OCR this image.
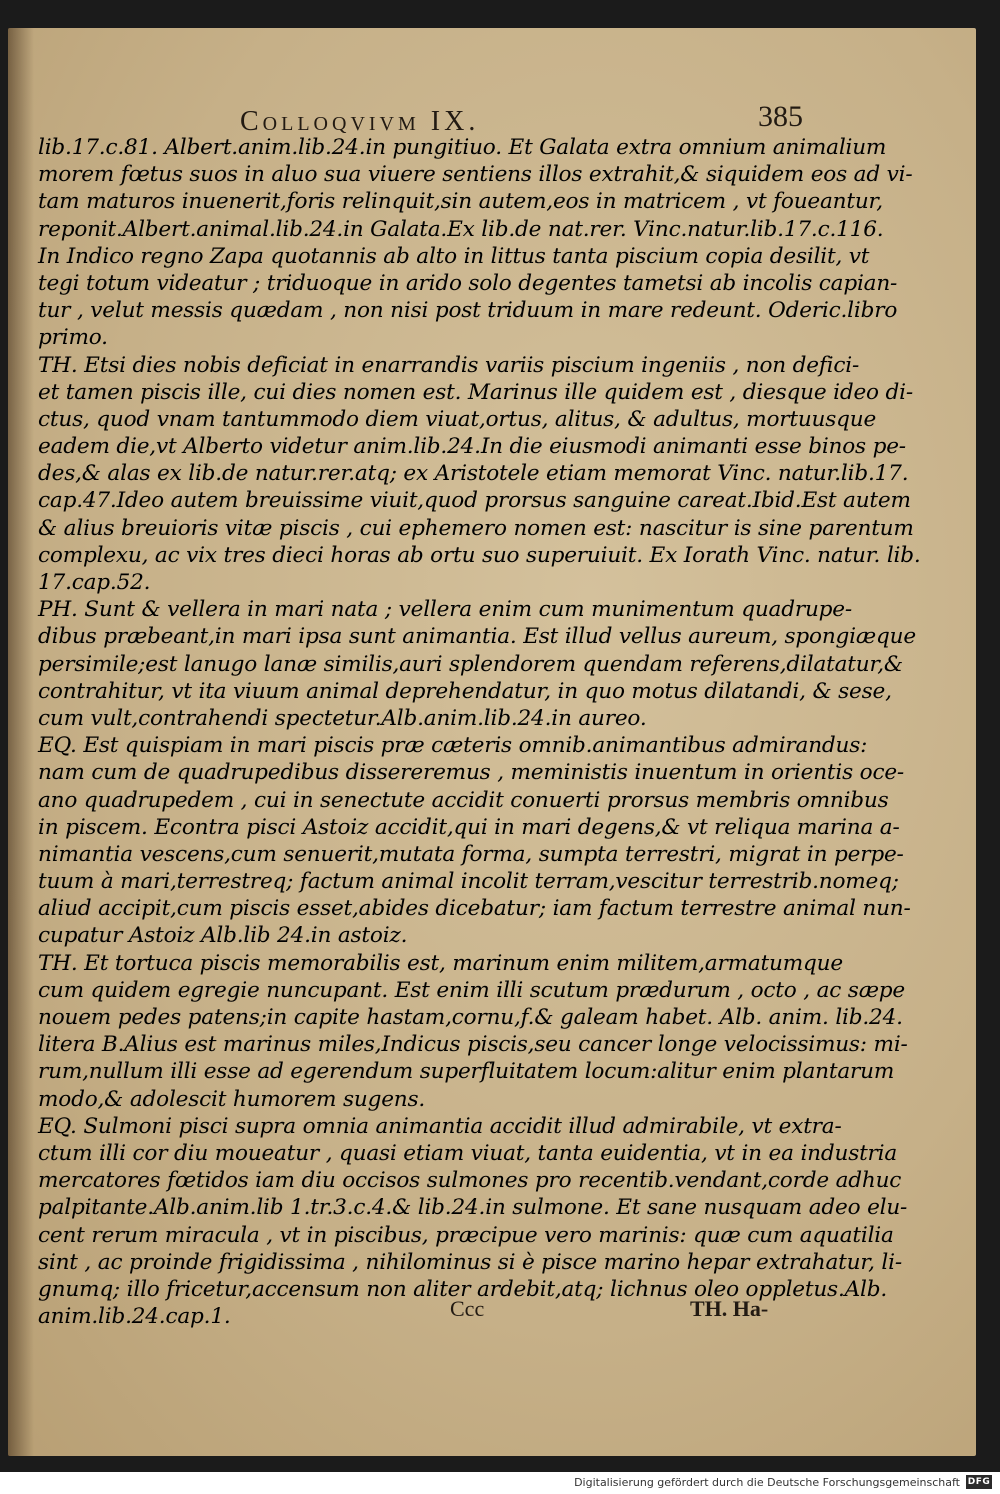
Colloqvivm IX.	385
lib.17.c.81. Albert.anim.lib.24.in pungitiuo. Et Galata extra omnium animalium
morem fœtus suos in aluo sua viuere sentiens illos extrahit,& siquidem eos ad vi-
tam maturos inuenerit,foris relinquit,sin autem,eos in matricem , vt foueantur,
reponit.Albert.animal.lib.24.in Galata.Ex lib.de nat.rer. Vinc.natur.lib.17.c.116.
In Indico regno Zapa quotannis ab alto in littus tanta piscium copia desilit, vt
tegi totum videatur ; triduoque in arido solo degentes tametsi ab incolis capian-
tur , velut messis quædam , non nisi post triduum in mare redeunt. Oderic.libro
primo.
TH. Etsi dies nobis deficiat in enarrandis variis piscium ingeniis , non defici-
et tamen piscis ille, cui dies nomen est. Marinus ille quidem est , diesque ideo di-
ctus, quod vnam tantummodo diem viuat,ortus, alitus, & adultus, mortuusque
eadem die,vt Alberto videtur anim.lib.24.In die eiusmodi animanti esse binos pe-
des,& alas ex lib.de natur.rer.atq; ex Aristotele etiam memorat Vinc. natur.lib.17.
cap.47.Ideo autem breuissime viuit,quod prorsus sanguine careat.Ibid.Est autem
& alius breuioris vitæ piscis , cui ephemero nomen est: nascitur is sine parentum
complexu, ac vix tres dieci horas ab ortu suo superuiuit. Ex Iorath Vinc. natur. lib.
17.cap.52.
PH. Sunt & vellera in mari nata ; vellera enim cum munimentum quadrupe-
dibus præbeant,in mari ipsa sunt animantia. Est illud vellus aureum, spongiæque
persimile;est lanugo lanæ similis,auri splendorem quendam referens,dilatatur,&
contrahitur, vt ita viuum animal deprehendatur, in quo motus dilatandi, & sese,
cum vult,contrahendi spectetur.Alb.anim.lib.24.in aureo.
EQ. Est quispiam in mari piscis præ cæteris omnib.animantibus admirandus:
nam cum de quadrupedibus dissereremus , meministis inuentum in orientis oce-
ano quadrupedem , cui in senectute accidit conuerti prorsus membris omnibus
in piscem. Econtra pisci Astoiz accidit,qui in mari degens,& vt reliqua marina a-
nimantia vescens,cum senuerit,mutata forma, sumpta terrestri, migrat in perpe-
tuum à mari,terrestreq; factum animal incolit terram,vescitur terrestrib.nomeq;
aliud accipit,cum piscis esset,abides dicebatur; iam factum terrestre animal nun-
cupatur Astoiz Alb.lib 24.in astoiz.
TH. Et tortuca piscis memorabilis est, marinum enim militem,armatumque
cum quidem egregie nuncupant. Est enim illi scutum prædurum , octo , ac sæpe
nouem pedes patens;in capite hastam,cornu,f.& galeam habet. Alb. anim. lib.24.
litera B.Alius est marinus miles,Indicus piscis,seu cancer longe velocissimus: mi-
rum,nullum illi esse ad egerendum superfluitatem locum:alitur enim plantarum
modo,& adolescit humorem sugens.
EQ. Sulmoni pisci supra omnia animantia accidit illud admirabile, vt extra-
ctum illi cor diu moueatur , quasi etiam viuat, tanta euidentia, vt in ea industria
mercatores fœtidos iam diu occisos sulmones pro recentib.vendant,corde adhuc
palpitante.Alb.anim.lib 1.tr.3.c.4.& lib.24.in sulmone. Et sane nusquam adeo elu-
cent rerum miracula , vt in piscibus, præcipue vero marinis: quæ cum aquatilia
sint , ac proinde frigidissima , nihilominus si è pisce marino hepar extrahatur, li-
gnumq; illo fricetur,accensum non aliter ardebit,atq; lichnus oleo oppletus.Alb.
anim.lib.24.cap.1.	Ccc	TH. Ha-
Digitalisierung gefördert durch die Deutsche Forschungsgemeinschaft DFG
